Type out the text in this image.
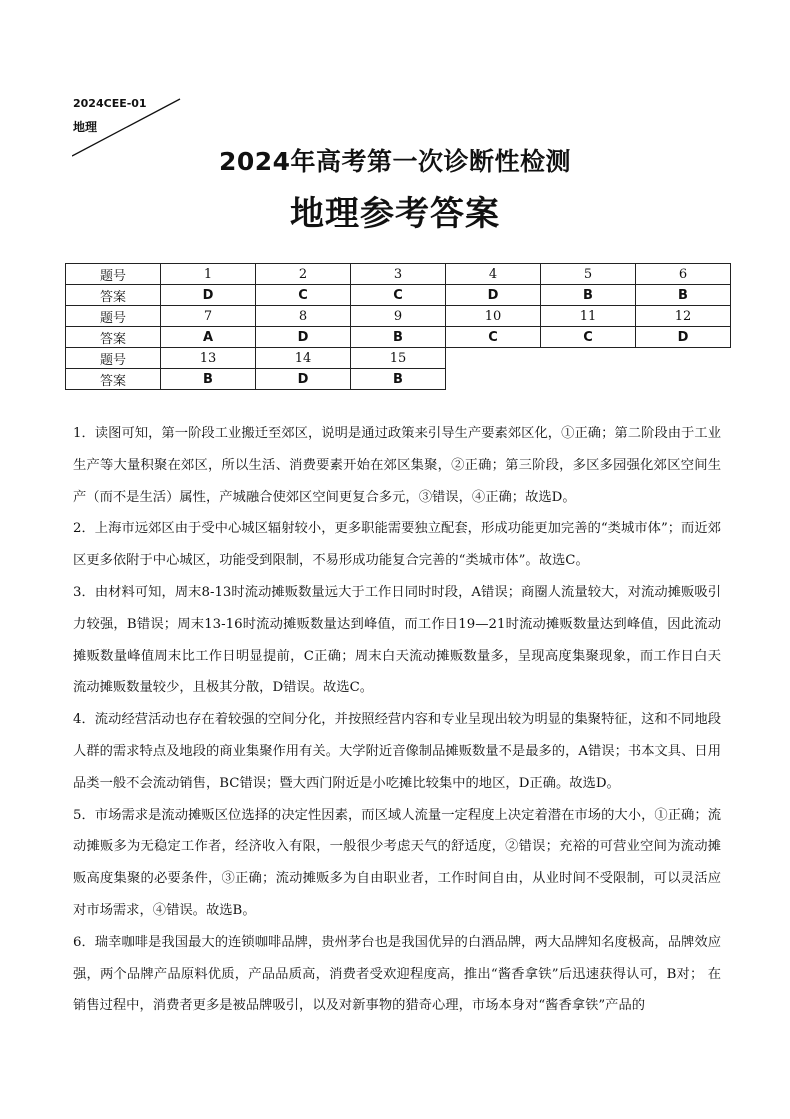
2024CEE-01
地理
2024年高考第一次诊断性检测
地理参考答案
题号	1	2	3	4	5	6
答案	D	C	C	D	B	B
题号	7	8	9	10	11	12
答案	A	D	B	C	C	D
题号	13	14	15			
答案	B	D	B			

1．读图可知，第一阶段工业搬迁至郊区，说明是通过政策来引导生产要素郊区化，①正确；第二阶段由于工业生产等大量积聚在郊区，所以生活、消费要素开始在郊区集聚，②正确；第三阶段，多区多园强化郊区空间生产（而不是生活）属性，产城融合使郊区空间更复合多元，③错误，④正确；故选D。

2．上海市远郊区由于受中心城区辐射较小，更多职能需要独立配套，形成功能更加完善的“类城市体”；而近郊区更多依附于中心城区，功能受到限制，不易形成功能复合完善的“类城市体”。故选C。

3．由材料可知，周末8-13时流动摊贩数量远大于工作日同时时段，A错误；商圈人流量较大，对流动摊贩吸引力较强，B错误；周末13-16时流动摊贩数量达到峰值，而工作日19—21时流动摊贩数量达到峰值，因此流动摊贩数量峰值周末比工作日明显提前，C正确；周末白天流动摊贩数量多，呈现高度集聚现象，而工作日白天流动摊贩数量较少，且极其分散，D错误。故选C。

4．流动经营活动也存在着较强的空间分化，并按照经营内容和专业呈现出较为明显的集聚特征，这和不同地段人群的需求特点及地段的商业集聚作用有关。大学附近音像制品摊贩数量不是最多的，A错误；书本文具、日用品类一般不会流动销售，BC错误；暨大西门附近是小吃摊比较集中的地区，D正确。故选D。

5．市场需求是流动摊贩区位选择的决定性因素，而区域人流量一定程度上决定着潜在市场的大小，①正确；流动摊贩多为无稳定工作者，经济收入有限，一般很少考虑天气的舒适度，②错误；充裕的可营业空间为流动摊贩高度集聚的必要条件，③正确；流动摊贩多为自由职业者，工作时间自由，从业时间不受限制，可以灵活应对市场需求，④错误。故选B。

6．瑞幸咖啡是我国最大的连锁咖啡品牌，贵州茅台也是我国优异的白酒品牌，两大品牌知名度极高，品牌效应强，两个品牌产品原料优质，产品品质高，消费者受欢迎程度高，推出“酱香拿铁”后迅速获得认可，B对； 在销售过程中，消费者更多是被品牌吸引，以及对新事物的猎奇心理，市场本身对“酱香拿铁”产品的
